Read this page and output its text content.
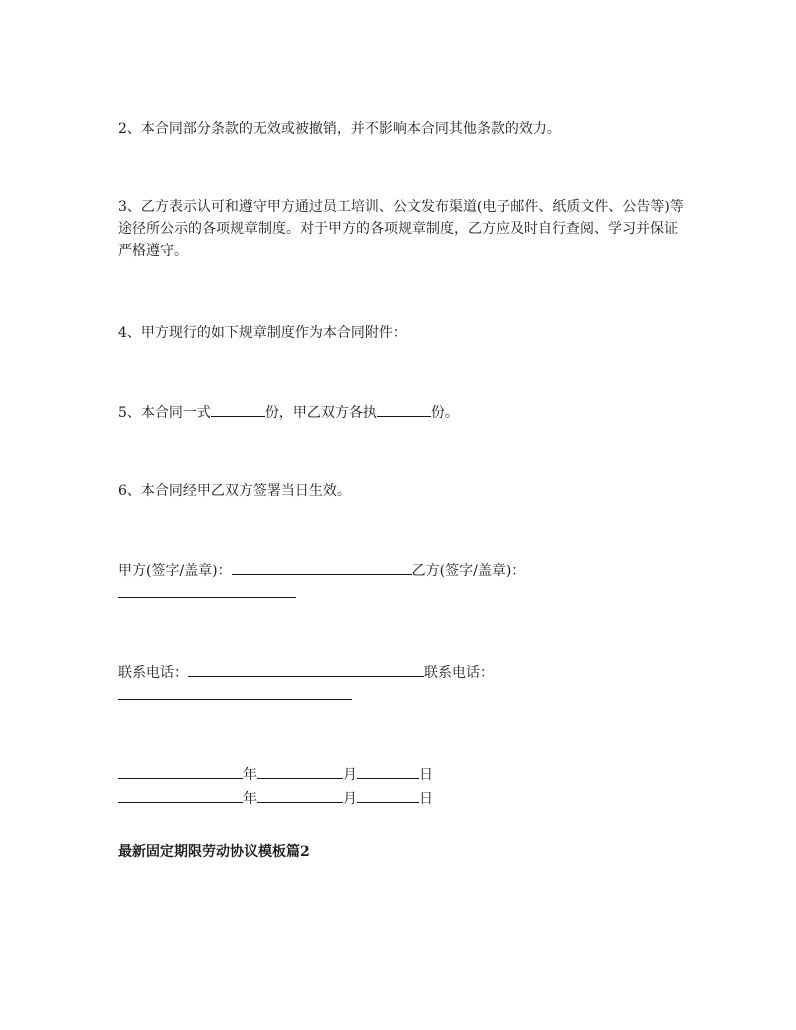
2、本合同部分条款的无效或被撤销，并不影响本合同其他条款的效力。
3、乙方表示认可和遵守甲方通过员工培训、公文发布渠道(电子邮件、纸质文件、公告等)等途径所公示的各项规章制度。对于甲方的各项规章制度，乙方应及时自行查阅、学习并保证严格遵守。
4、甲方现行的如下规章制度作为本合同附件：
5、本合同一式	份，甲乙双方各执	份。
6、本合同经甲乙双方签署当日生效。
甲方(签字/盖章)：	乙方(签字/盖章)：
联系电话：	联系电话：
年	月	日
年	月	日
最新固定期限劳动协议模板篇2
